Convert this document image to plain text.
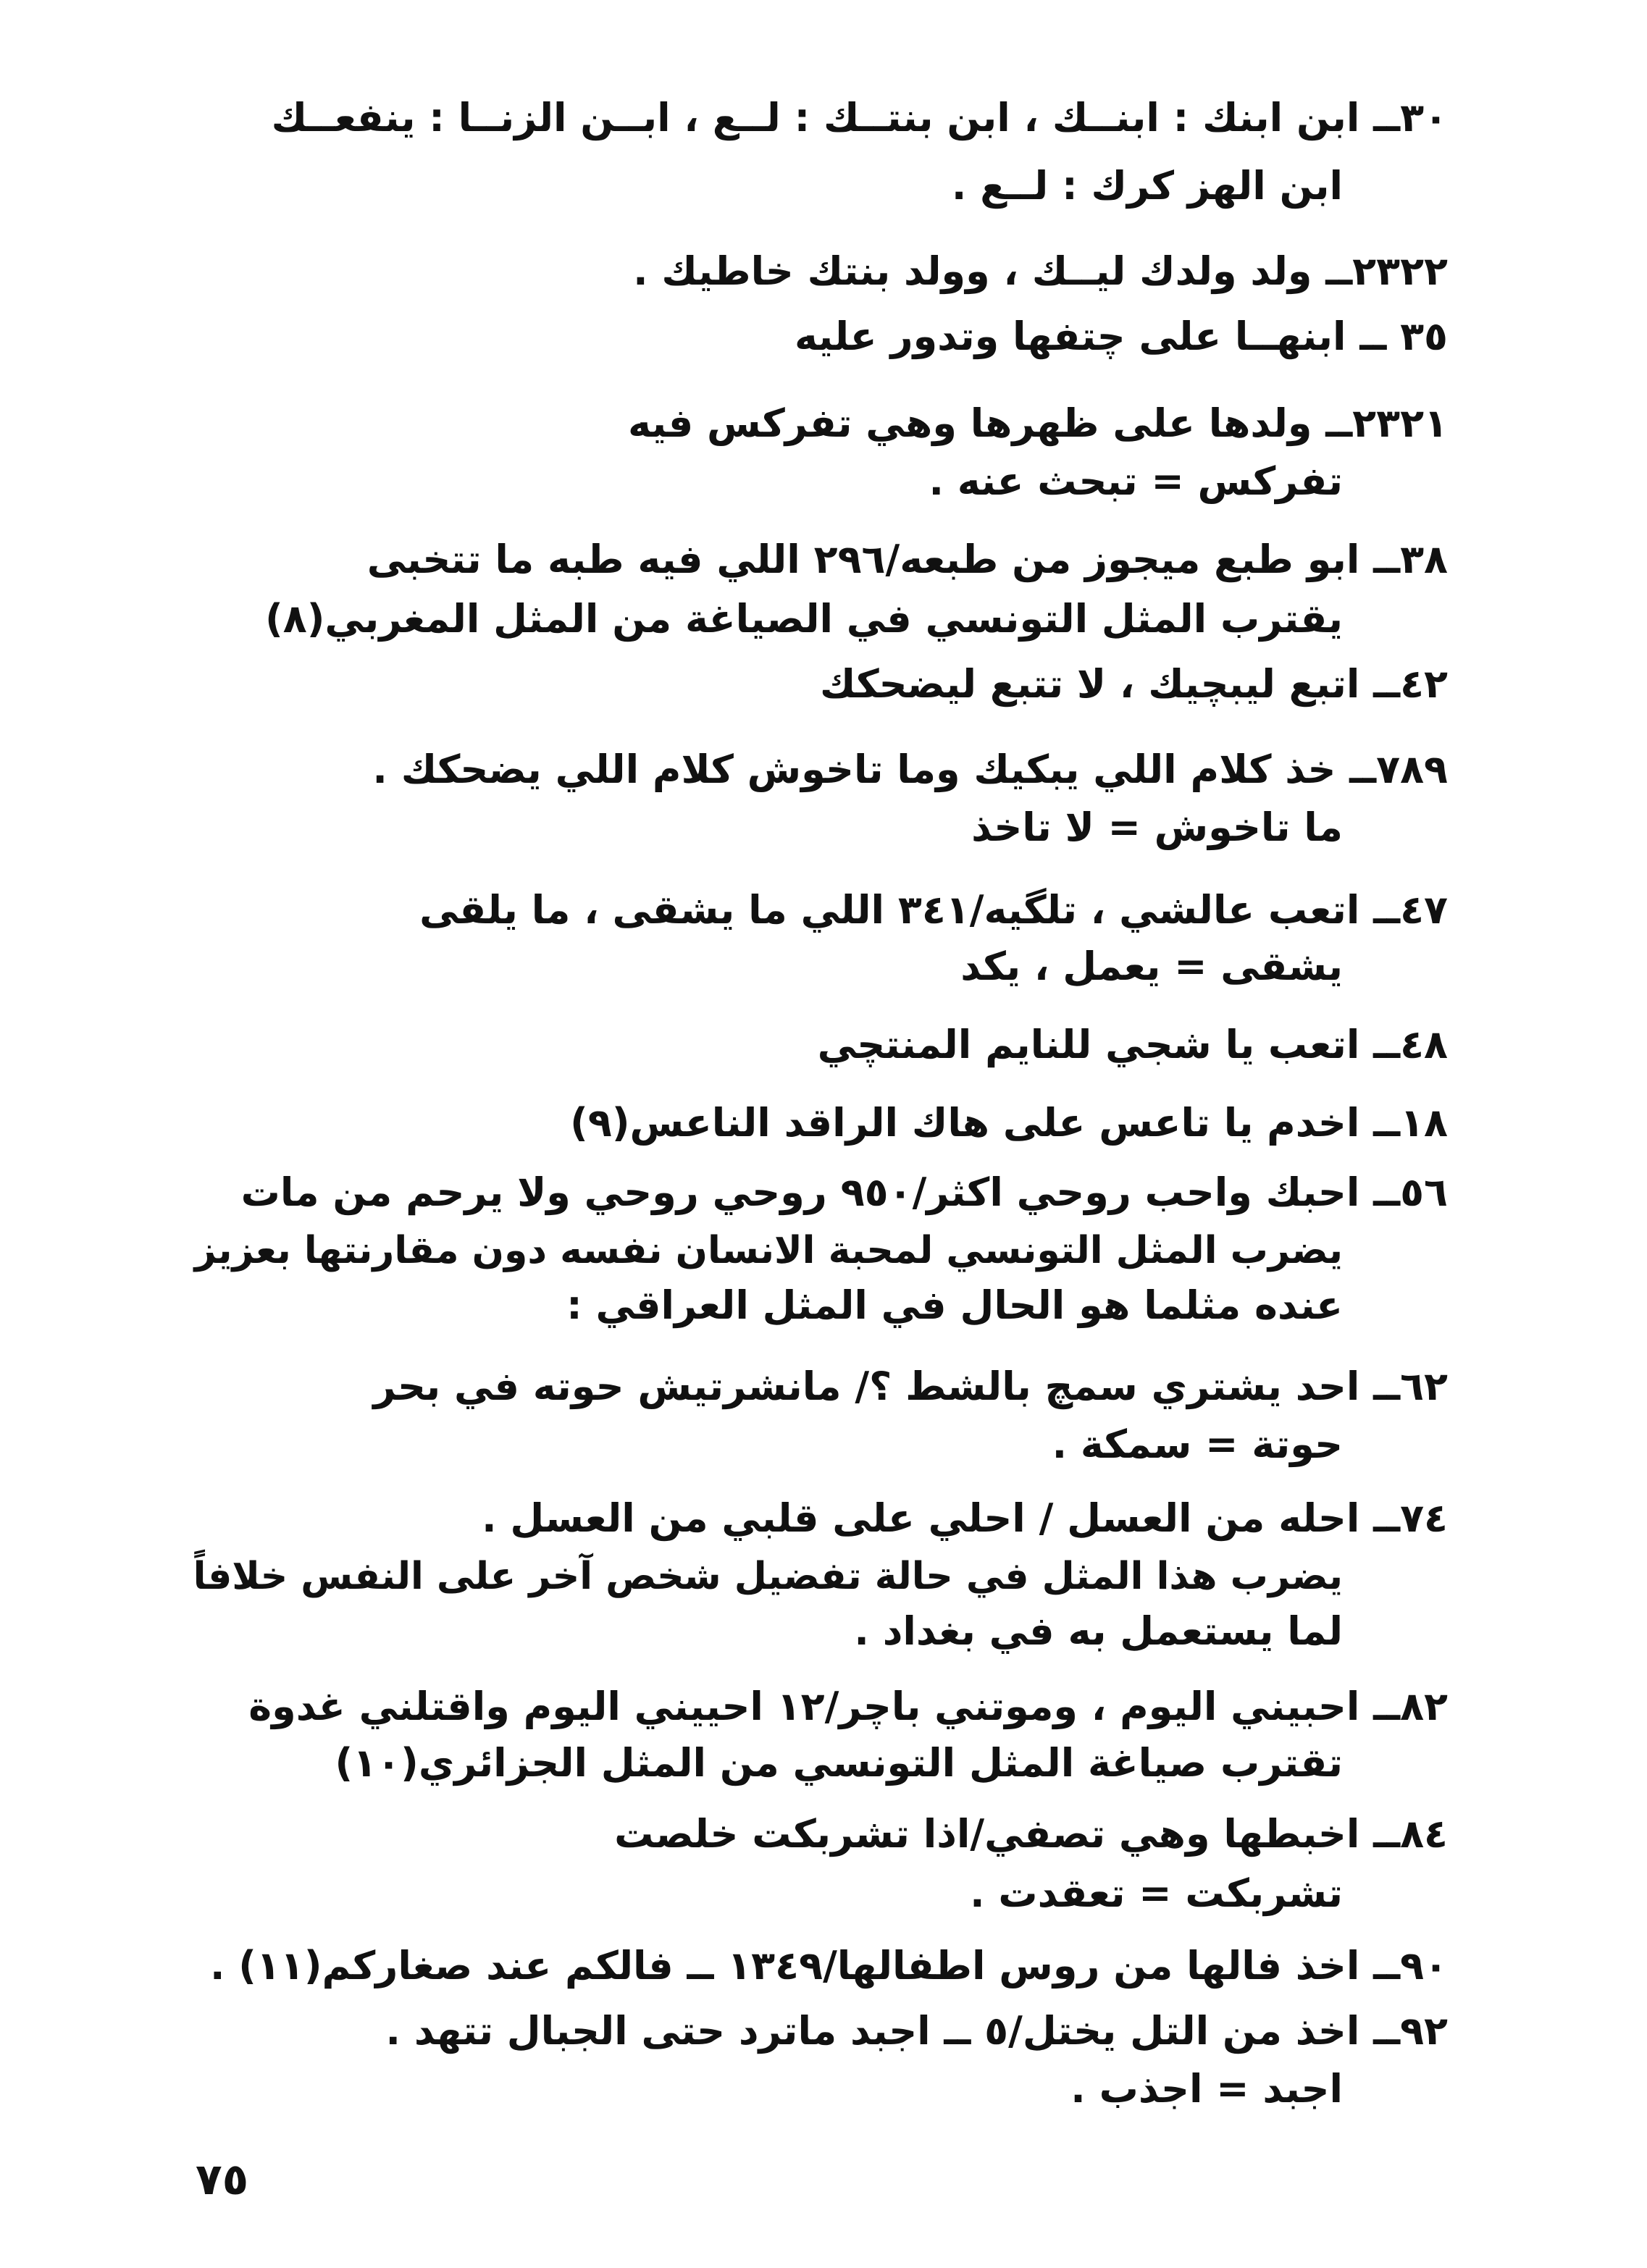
٣٠ــ ابن ابنك : ابنــك ، ابن بنتــك : لــع ، ابــن الزنــا : ينفعــك
ابن الهز كرك : لــع .
٢٣٢٢ــ ولد ولدك ليــك ، وولد بنتك خاطيك .
٣٥ ــ ابنهــا على چتفها وتدور عليه
٢٣٢١ــ ولدها على ظهرها وهي تفركس فيه
تفركس = تبحث عنه .
٣٨ــ ابو طبع ميجوز من طبعه/٢٩٦ اللي فيه طبه ما تتخبى
يقترب المثل التونسي في الصياغة من المثل المغربي(٨)
٤٢ــ اتبع ليبچيك ، لا تتبع ليضحكك
٧٨٩ــ خذ كلام اللي يبكيك وما تاخوش كلام اللي يضحكك .
ما تاخوش = لا تاخذ
٤٧ــ اتعب عالشي ، تلگيه/٣٤١ اللي ما يشقى ، ما يلقى
يشقى = يعمل ، يكد
٤٨ــ اتعب يا شجي للنايم المنتچي
١٨ــ اخدم يا تاعس على هاك الراقد الناعس(٩)
٥٦ــ احبك واحب روحي اكثر/٩٥٠ روحي روحي ولا يرحم من مات
يضرب المثل التونسي لمحبة الانسان نفسه دون مقارنتها بعزيز
عنده مثلما هو الحال في المثل العراقي :
٦٢ــ احد يشتري سمچ بالشط ؟/ مانشرتيش حوته في بحر
حوتة = سمكة .
٧٤ــ احله من العسل / احلي على قلبي من العسل .
يضرب هذا المثل في حالة تفضيل شخص آخر على النفس خلافاً
لما يستعمل به في بغداد .
٨٢ــ احبيني اليوم ، وموتني باچر/١٢ احييني اليوم واقتلني غدوة
تقترب صياغة المثل التونسي من المثل الجزائري(١٠)
٨٤ــ اخبطها وهي تصفي/اذا تشربكت خلصت
تشربكت = تعقدت .
٩٠ــ اخذ فالها من روس اطفالها/١٣٤٩ ــ فالكم عند صغاركم(١١) .
٩٢ــ اخذ من التل يختل/٥ ــ اجبد ماترد حتى الجبال تتهد .
اجبد = اجذب .
٧٥
